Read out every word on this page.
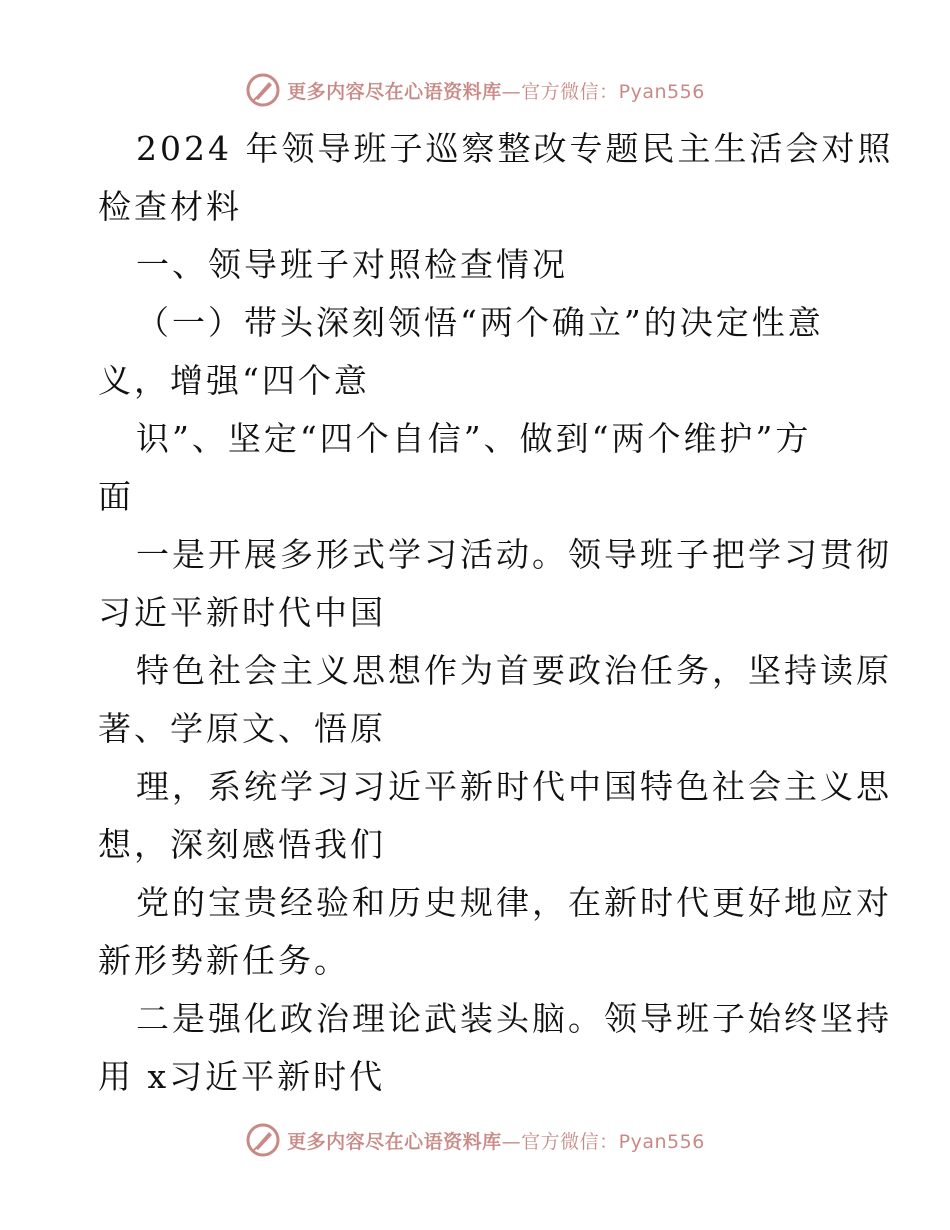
更多内容尽在心语资料库—官方微信：Pyan556
2024 年领导班子巡察整改专题民主生活会对照
检查材料
一、领导班子对照检查情况
（一）带头深刻领悟“两个确立”的决定性意
义，增强“四个意
识”、坚定“四个自信”、做到“两个维护”方
面
一是开展多形式学习活动。领导班子把学习贯彻
习近平新时代中国
特色社会主义思想作为首要政治任务，坚持读原
著、学原文、悟原
理，系统学习习近平新时代中国特色社会主义思
想，深刻感悟我们
党的宝贵经验和历史规律，在新时代更好地应对
新形势新任务。
二是强化政治理论武装头脑。领导班子始终坚持
用 x习近平新时代
更多内容尽在心语资料库—官方微信：Pyan556
